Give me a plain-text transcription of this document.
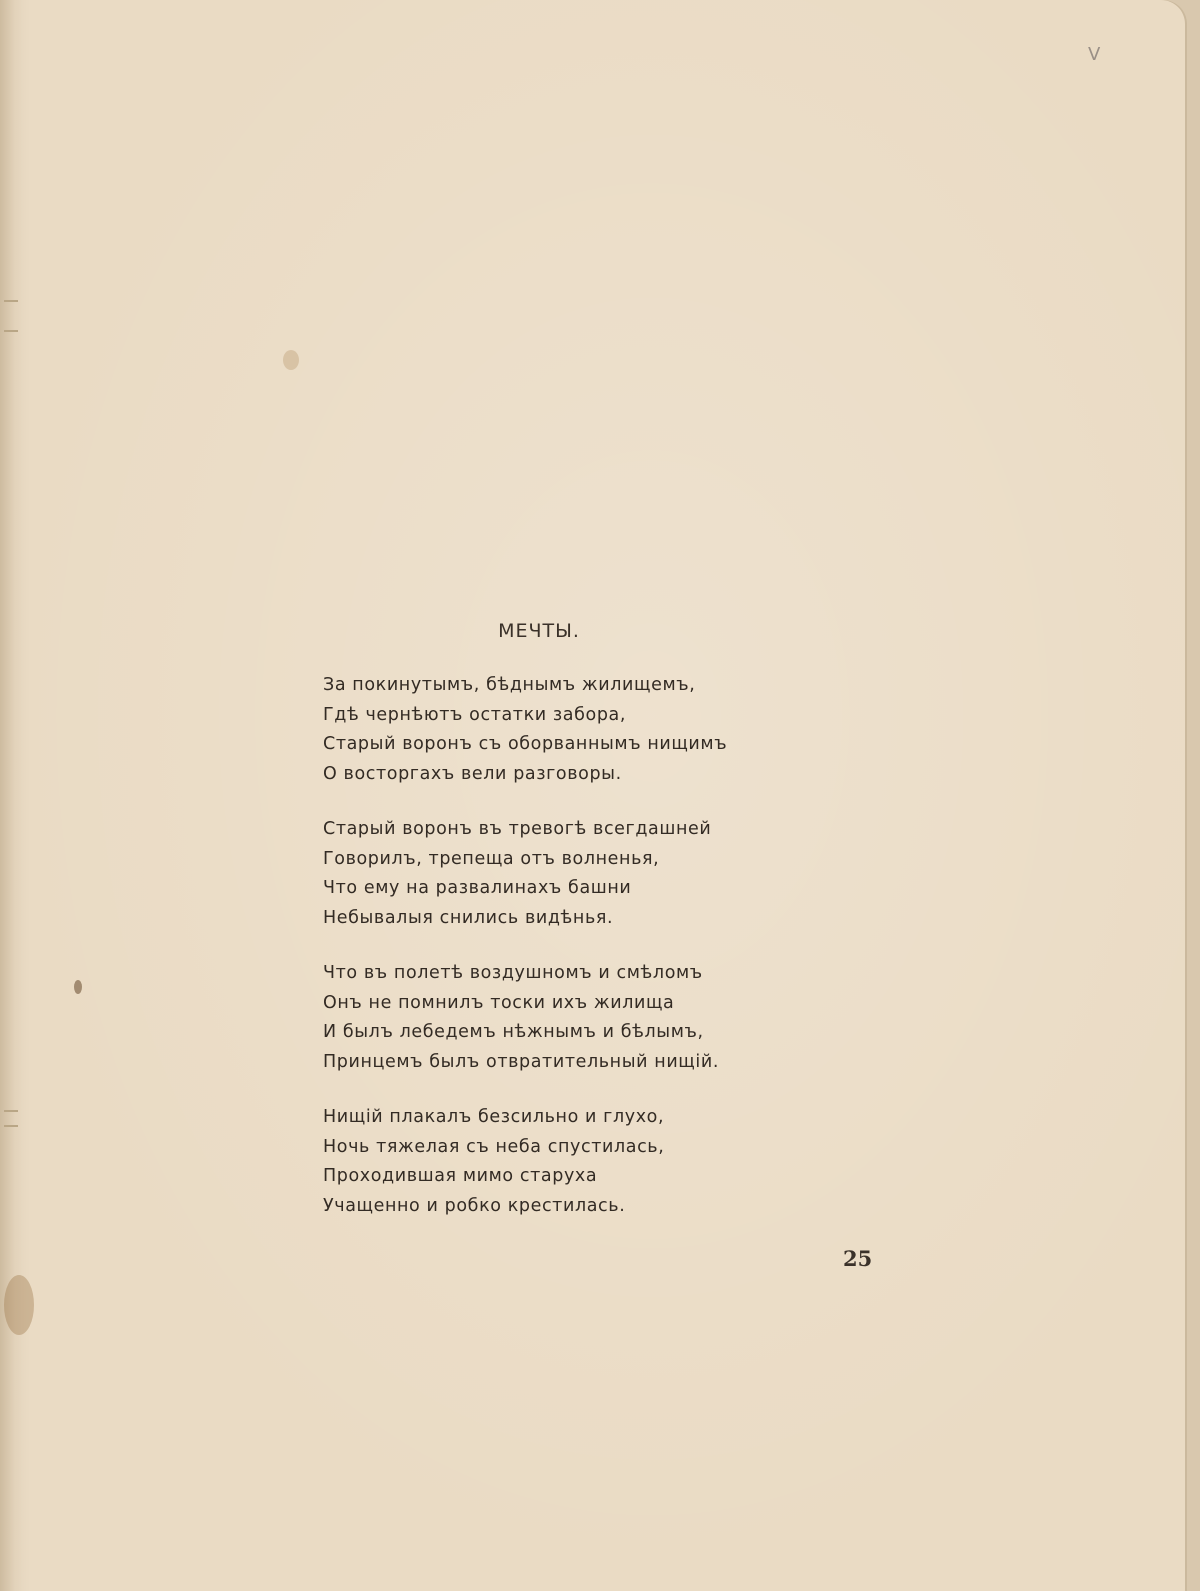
V
МЕЧТЫ.
За покинутымъ, бѣднымъ жилищемъ,
Гдѣ чернѣютъ остатки забора,
Старый воронъ съ оборваннымъ нищимъ
О восторгахъ вели разговоры.
Старый воронъ въ тревогѣ всегдашней
Говорилъ, трепеща отъ волненья,
Что ему на развалинахъ башни
Небывалыя снились видѣнья.
Что въ полетѣ воздушномъ и смѣломъ
Онъ не помнилъ тоски ихъ жилища
И былъ лебедемъ нѣжнымъ и бѣлымъ,
Принцемъ былъ отвратительный нищій.
Нищій плакалъ безсильно и глухо,
Ночь тяжелая съ неба спустилась,
Проходившая мимо старуха
Учащенно и робко крестилась.
25
